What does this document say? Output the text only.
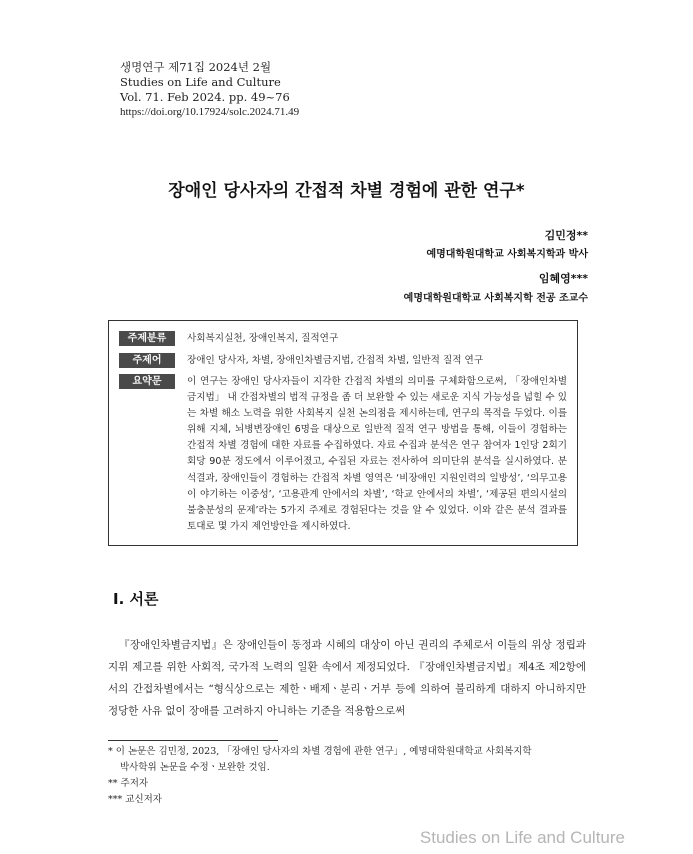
생명연구 제71집 2024년 2월
Studies on Life and Culture
Vol. 71. Feb 2024. pp. 49~76
https://doi.org/10.17924/solc.2024.71.49
장애인 당사자의 간접적 차별 경험에 관한 연구*
김민정**
예명대학원대학교 사회복지학과 박사
임혜영***
예명대학원대학교 사회복지학 전공 조교수
주제분류	사회복지실천, 장애인복지, 질적연구
주제어	장애인 당사자, 차별, 장애인차별금지법, 간접적 차별, 일반적 질적 연구
요약문	이 연구는 장애인 당사자들이 지각한 간접적 차별의 의미를 구체화함으로써, 「장애인차별금지법」 내 간접차별의 법적 규정을 좀 더 보완할 수 있는 새로운 지식 가능성을 넓힐 수 있는 차별 해소 노력을 위한 사회복지 실천 논의점을 제시하는데, 연구의 목적을 두었다. 이를 위해 지체, 뇌병변장애인 6명을 대상으로 일반적 질적 연구 방법을 통해, 이들이 경험하는 간접적 차별 경험에 대한 자료를 수집하였다. 자료 수집과 분석은 연구 참여자 1인당 2회기 회당 90분 정도에서 이루어졌고, 수집된 자료는 전사하여 의미단위 분석을 실시하였다. 분석결과, 장애인들이 경험하는 간접적 차별 영역은 ‘비장애인 지원인력의 일방성’, ‘의무고용이 야기하는 이중성’, ‘고용관계 안에서의 차별’, ‘학교 안에서의 차별’, ‘제공된 편의시설의 불충분성의 문제’라는 5가지 주제로 경험된다는 것을 알 수 있었다. 이와 같은 분석 결과를 토대로 몇 가지 제언방안을 제시하였다.
Ⅰ. 서론
『장애인차별금지법』은 장애인들이 동정과 시혜의 대상이 아닌 권리의 주체로서 이들의 위상 정립과 지위 제고를 위한 사회적, 국가적 노력의 일환 속에서 제정되었다. 『장애인차별금지법』제4조 제2항에서의 간접차별에서는 “형식상으로는 제한ㆍ배제ㆍ분리ㆍ거부 등에 의하여 불리하게 대하지 아니하지만 정당한 사유 없이 장애를 고려하지 아니하는 기준을 적용함으로써
* 이 논문은 김민정, 2023, 「장애인 당사자의 차별 경험에 관한 연구」, 예명대학원대학교 사회복지학
박사학위 논문을 수정ㆍ보완한 것임.
** 주저자
*** 교신저자
Studies on Life and Culture
